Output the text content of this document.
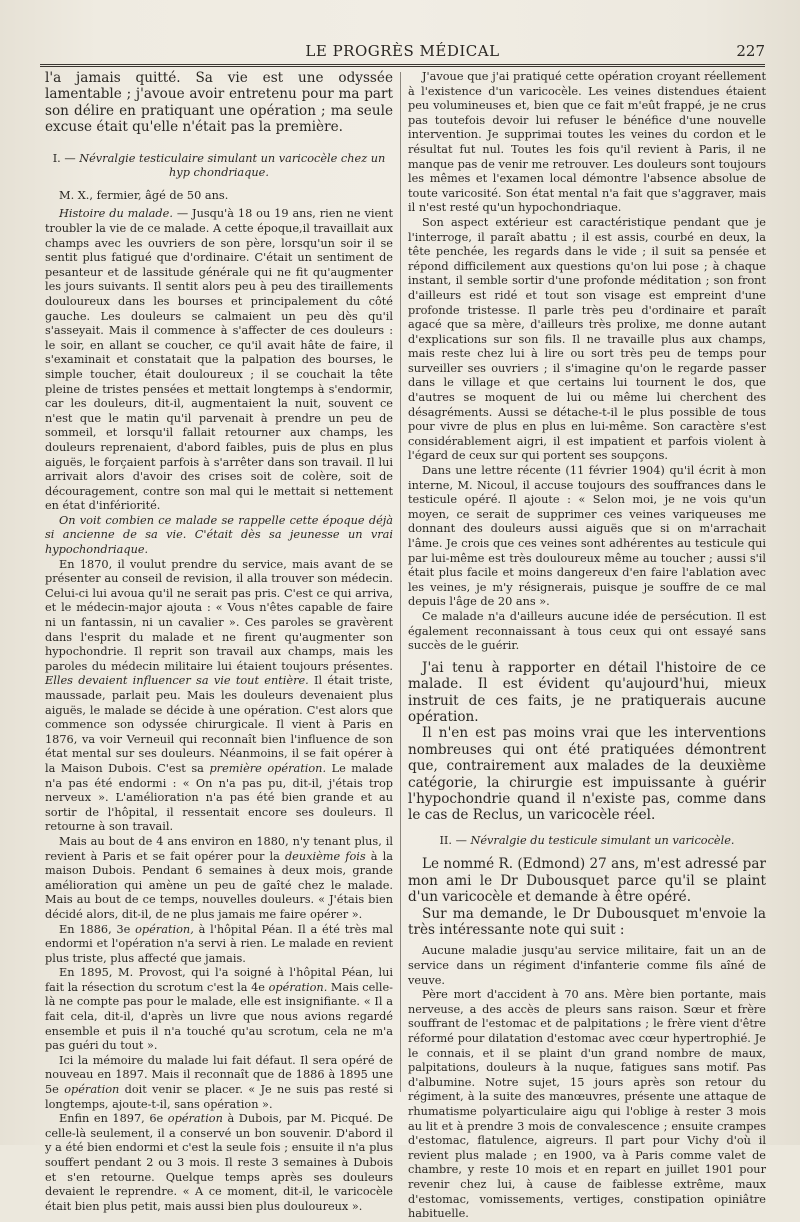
LE PROGRÈS MÉDICAL	227

l'a jamais quitté. Sa vie est une odyssée lamentable ; j'avoue avoir entretenu pour ma part son délire en pratiquant une opération ; ma seule excuse était qu'elle n'était pas la première.

I. — Névralgie testiculaire simulant un varicocèle chez un hyp chondriaque.

M. X., fermier, âgé de 50 ans.

Histoire du malade. — Jusqu'à 18 ou 19 ans, rien ne vient troubler la vie de ce malade. A cette époque,il travaillait aux champs avec les ouvriers de son père, lorsqu'un soir il se sentit plus fatigué que d'ordinaire. C'était un sentiment de pesanteur et de lassitude générale qui ne fit qu'augmenter les jours suivants. Il sentit alors peu à peu des tiraillements douloureux dans les bourses et principalement du côté gauche. Les douleurs se calmaient un peu dès qu'il s'asseyait. Mais il commence à s'affecter de ces douleurs : le soir, en allant se coucher, ce qu'il avait hâte de faire, il s'examinait et constatait que la palpation des bourses, le simple toucher, était douloureux ; il se couchait la tête pleine de tristes pensées et mettait longtemps à s'endormir, car les douleurs, dit-il, augmentaient la nuit, souvent ce n'est que le matin qu'il parvenait à prendre un peu de sommeil, et lorsqu'il fallait retourner aux champs, les douleurs reprenaient, d'abord faibles, puis de plus en plus aiguës, le forçaient parfois à s'arrêter dans son travail. Il lui arrivait alors d'avoir des crises soit de colère, soit de découragement, contre son mal qui le mettait si nettement en état d'infériorité.

On voit combien ce malade se rappelle cette époque déjà si ancienne de sa vie. C'était dès sa jeunesse un vrai hypochondriaque.

En 1870, il voulut prendre du service, mais avant de se présenter au conseil de revision, il alla trouver son médecin. Celui-ci lui avoua qu'il ne serait pas pris. C'est ce qui arriva, et le médecin-major ajouta : « Vous n'êtes capable de faire ni un fantassin, ni un cavalier ». Ces paroles se gravèrent dans l'esprit du malade et ne firent qu'augmenter son hypochondrie. Il reprit son travail aux champs, mais les paroles du médecin militaire lui étaient toujours présentes. Elles devaient influencer sa vie tout entière. Il était triste, maussade, parlait peu. Mais les douleurs devenaient plus aiguës, le malade se décide à une opération. C'est alors que commence son odyssée chirurgicale. Il vient à Paris en 1876, va voir Verneuil qui reconnaît bien l'influence de son état mental sur ses douleurs. Néanmoins, il se fait opérer à la Maison Dubois. C'est sa première opération. Le malade n'a pas été endormi : « On n'a pas pu, dit-il, j'étais trop nerveux ». L'amélioration n'a pas été bien grande et au sortir de l'hôpital, il ressentait encore ses douleurs. Il retourne à son travail.

Mais au bout de 4 ans environ en 1880, n'y tenant plus, il revient à Paris et se fait opérer pour la deuxième fois à la maison Dubois. Pendant 6 semaines à deux mois, grande amélioration qui amène un peu de gaîté chez le malade. Mais au bout de ce temps, nouvelles douleurs. « J'étais bien décidé alors, dit-il, de ne plus jamais me faire opérer ».

En 1886, 3e opération, à l'hôpital Péan. Il a été très mal endormi et l'opération n'a servi à rien. Le malade en revient plus triste, plus affecté que jamais.

En 1895, M. Provost, qui l'a soigné à l'hôpital Péan, lui fait la résection du scrotum c'est la 4e opération. Mais celle-là ne compte pas pour le malade, elle est insignifiante. « Il a fait cela, dit-il, d'après un livre que nous avions regardé ensemble et puis il n'a touché qu'au scrotum, cela ne m'a pas guéri du tout ».

Ici la mémoire du malade lui fait défaut. Il sera opéré de nouveau en 1897. Mais il reconnaît que de 1886 à 1895 une 5e opération doit venir se placer. « Je ne suis pas resté si longtemps, ajoute-t-il, sans opération ».

Enfin en 1897, 6e opération à Dubois, par M. Picqué. De celle-là seulement, il a conservé un bon souvenir. D'abord il y a été bien endormi et c'est la seule fois ; ensuite il n'a plus souffert pendant 2 ou 3 mois. Il reste 3 semaines à Dubois et s'en retourne. Quelque temps après ses douleurs devaient le reprendre. « A ce moment, dit-il, le varicocèle était bien plus petit, mais aussi bien plus douloureux ».

J'avoue que j'ai pratiqué cette opération croyant réellement à l'existence d'un varicocèle. Les veines distendues étaient peu volumineuses et, bien que ce fait m'eût frappé, je ne crus pas toutefois devoir lui refuser le bénéfice d'une nouvelle intervention. Je supprimai toutes les veines du cordon et le résultat fut nul. Toutes les fois qu'il revient à Paris, il ne manque pas de venir me retrouver. Les douleurs sont toujours les mêmes et l'examen local démontre l'absence absolue de toute varicosité. Son état mental n'a fait que s'aggraver, mais il n'est resté qu'un hypochondriaque.

Son aspect extérieur est caractéristique pendant que je l'interroge, il paraît abattu ; il est assis, courbé en deux, la tête penchée, les regards dans le vide ; il suit sa pensée et répond difficilement aux questions qu'on lui pose ; à chaque instant, il semble sortir d'une profonde méditation ; son front d'ailleurs est ridé et tout son visage est empreint d'une profonde tristesse. Il parle très peu d'ordinaire et paraît agacé que sa mère, d'ailleurs très prolixe, me donne autant d'explications sur son fils. Il ne travaille plus aux champs, mais reste chez lui à lire ou sort très peu de temps pour surveiller ses ouvriers ; il s'imagine qu'on le regarde passer dans le village et que certains lui tournent le dos, que d'autres se moquent de lui ou même lui cherchent des désagréments. Aussi se détache-t-il le plus possible de tous pour vivre de plus en plus en lui-même. Son caractère s'est considérablement aigri, il est impatient et parfois violent à l'égard de ceux sur qui portent ses soupçons.

Dans une lettre récente (11 février 1904) qu'il écrit à mon interne, M. Nicoul, il accuse toujours des souffrances dans le testicule opéré. Il ajoute : « Selon moi, je ne vois qu'un moyen, ce serait de supprimer ces veines variqueuses me donnant des douleurs aussi aiguës que si on m'arrachait l'âme. Je crois que ces veines sont adhérentes au testicule qui par lui-même est très douloureux même au toucher ; aussi s'il était plus facile et moins dangereux d'en faire l'ablation avec les veines, je m'y résignerais, puisque je souffre de ce mal depuis l'âge de 20 ans ».

Ce malade n'a d'ailleurs aucune idée de persécution. Il est également reconnaissant à tous ceux qui ont essayé sans succès de le guérir.

J'ai tenu à rapporter en détail l'histoire de ce malade. Il est évident qu'aujourd'hui, mieux instruit de ces faits, je ne pratiquerais aucune opération.

Il n'en est pas moins vrai que les interventions nombreuses qui ont été pratiquées démontrent que, contrairement aux malades de la deuxième catégorie, la chirurgie est impuissante à guérir l'hypochondrie quand il n'existe pas, comme dans le cas de Reclus, un varicocèle réel.

II. — Névralgie du testicule simulant un varicocèle.

Le nommé R. (Edmond) 27 ans, m'est adressé par mon ami le Dr Dubousquet parce qu'il se plaint d'un varicocèle et demande à être opéré.

Sur ma demande, le Dr Dubousquet m'envoie la très intéressante note qui suit :

Aucune maladie jusqu'au service militaire, fait un an de service dans un régiment d'infanterie comme fils aîné de veuve.

Père mort d'accident à 70 ans. Mère bien portante, mais nerveuse, a des accès de pleurs sans raison. Sœur et frère souffrant de l'estomac et de palpitations ; le frère vient d'être réformé pour dilatation d'estomac avec cœur hypertrophié. Je le connais, et il se plaint d'un grand nombre de maux, palpitations, douleurs à la nuque, fatigues sans motif. Pas d'albumine. Notre sujet, 15 jours après son retour du régiment, à la suite des manœuvres, présente une attaque de rhumatisme polyarticulaire aigu qui l'oblige à rester 3 mois au lit et à prendre 3 mois de convalescence ; ensuite crampes d'estomac, flatulence, aigreurs. Il part pour Vichy d'où il revient plus malade ; en 1900, va à Paris comme valet de chambre, y reste 10 mois et en repart en juillet 1901 pour revenir chez lui, à cause de faiblesse extrême, maux d'estomac, vomissements, vertiges, constipation opiniâtre habituelle.
